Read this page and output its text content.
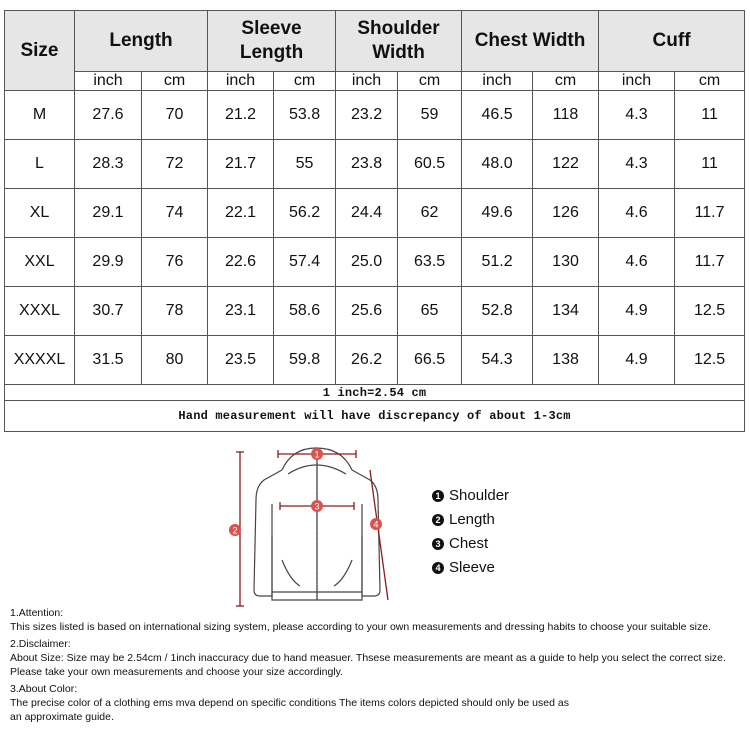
Size	Length		Sleeve
Length		Shoulder
Width		Chest Width		Cuff	
	inch	cm	inch	cm	inch	cm	inch	cm	inch	cm
M	27.6	70	21.2	53.8	23.2	59	46.5	118	4.3	11
L	28.3	72	21.7	55	23.8	60.5	48.0	122	4.3	11
XL	29.1	74	22.1	56.2	24.4	62	49.6	126	4.6	11.7
XXL	29.9	76	22.6	57.4	25.0	63.5	51.2	130	4.6	11.7
XXXL	30.7	78	23.1	58.6	25.6	65	52.8	134	4.9	12.5
XXXXL	31.5	80	23.5	59.8	26.2	66.5	54.3	138	4.9	12.5
1 inch=2.54 cm										
Hand measurement will have discrepancy of about 1-3cm										
1
2
3
4
1 Shoulder
2 Length
3 Chest
4 Sleeve
1.Attention:
This sizes listed is based on international sizing system, please according to your own measurements and dressing habits to choose your suitable size.
2.Disclaimer:
About Size: Size may be 2.54cm / 1inch inaccuracy due to hand measuer. Thsese measurements are meant as a guide to help you select the correct size.
Please take your own measurements and choose your size accordingly.
3.About Color:
The precise color of a clothing ems mva depend on specific conditions The items colors depicted should only be used as
an approximate guide.
